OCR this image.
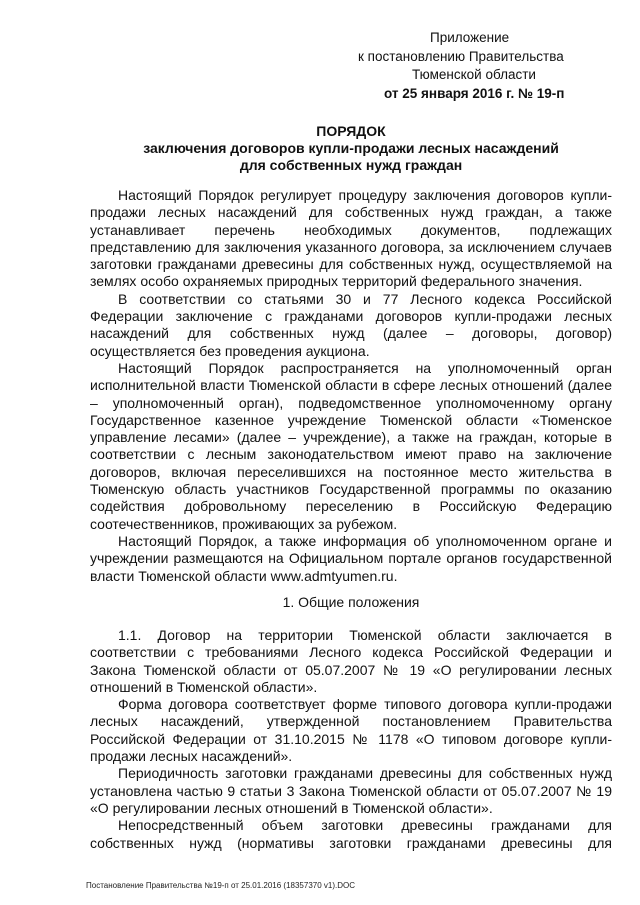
Приложение
к постановлению Правительства
Тюменской области
от 25 января 2016 г. № 19-п
ПОРЯДОК
заключения договоров купли-продажи лесных насаждений
для собственных нужд граждан

Настоящий Порядок регулирует процедуру заключения договоров купли-продажи лесных насаждений для собственных нужд граждан, а также устанавливает перечень необходимых документов, подлежащих представлению для заключения указанного договора, за исключением случаев заготовки гражданами древесины для собственных нужд, осуществляемой на землях особо охраняемых природных территорий федерального значения.

В соответствии со статьями 30 и 77 Лесного кодекса Российской Федерации заключение с гражданами договоров купли-продажи лесных насаждений для собственных нужд (далее – договоры, договор) осуществляется без проведения аукциона.

Настоящий Порядок распространяется на уполномоченный орган исполнительной власти Тюменской области в сфере лесных отношений (далее – уполномоченный орган), подведомственное уполномоченному органу Государственное казенное учреждение Тюменской области «Тюменское управление лесами» (далее – учреждение), а также на граждан, которые в соответствии с лесным законодательством имеют право на заключение договоров, включая переселившихся на постоянное место жительства в Тюменскую область участников Государственной программы по оказанию содействия добровольному переселению в Российскую Федерацию соотечественников, проживающих за рубежом.

Настоящий Порядок, а также информация об уполномоченном органе и учреждении размещаются на Официальном портале органов государственной власти Тюменской области www.admtyumen.ru.

1. Общие положения

1.1. Договор на территории Тюменской области заключается в соответствии с требованиями Лесного кодекса Российской Федерации и Закона Тюменской области от 05.07.2007 № 19 «О регулировании лесных отношений в Тюменской области».

Форма договора соответствует форме типового договора купли-продажи лесных насаждений, утвержденной постановлением Правительства Российской Федерации от 31.10.2015 № 1178 «О типовом договоре купли-продажи лесных насаждений».

Периодичность заготовки гражданами древесины для собственных нужд установлена частью 9 статьи 3 Закона Тюменской области от 05.07.2007 № 19 «О регулировании лесных отношений в Тюменской области».

Непосредственный объем заготовки древесины гражданами для собственных нужд (нормативы заготовки гражданами древесины для

Постановление Правительства №19-п от 25.01.2016 (18357370 v1).DOC
